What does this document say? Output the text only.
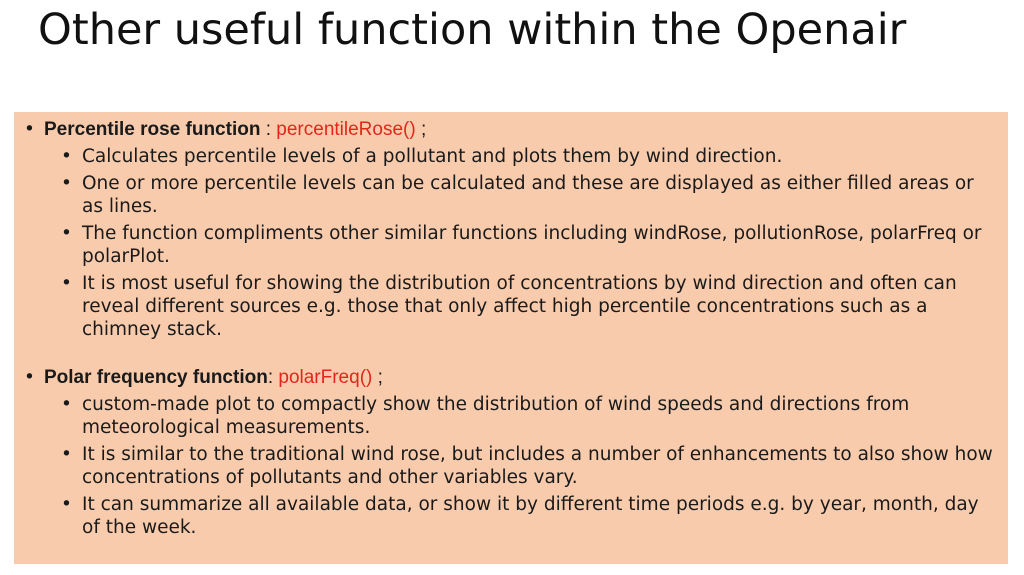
Other useful function within the Openair
• Percentile rose function : percentileRose() ;
• Calculates percentile levels of a pollutant and plots them by wind direction.
• One or more percentile levels can be calculated and these are displayed as either filled areas or as lines.
• The function compliments other similar functions including windRose, pollutionRose, polarFreq or polarPlot.
• It is most useful for showing the distribution of concentrations by wind direction and often can reveal different sources e.g. those that only affect high percentile concentrations such as a chimney stack.
• Polar frequency function: polarFreq() ;
• custom-made plot to compactly show the distribution of wind speeds and directions from meteorological measurements.
• It is similar to the traditional wind rose, but includes a number of enhancements to also show how concentrations of pollutants and other variables vary.
• It can summarize all available data, or show it by different time periods e.g. by year, month, day of the week.
